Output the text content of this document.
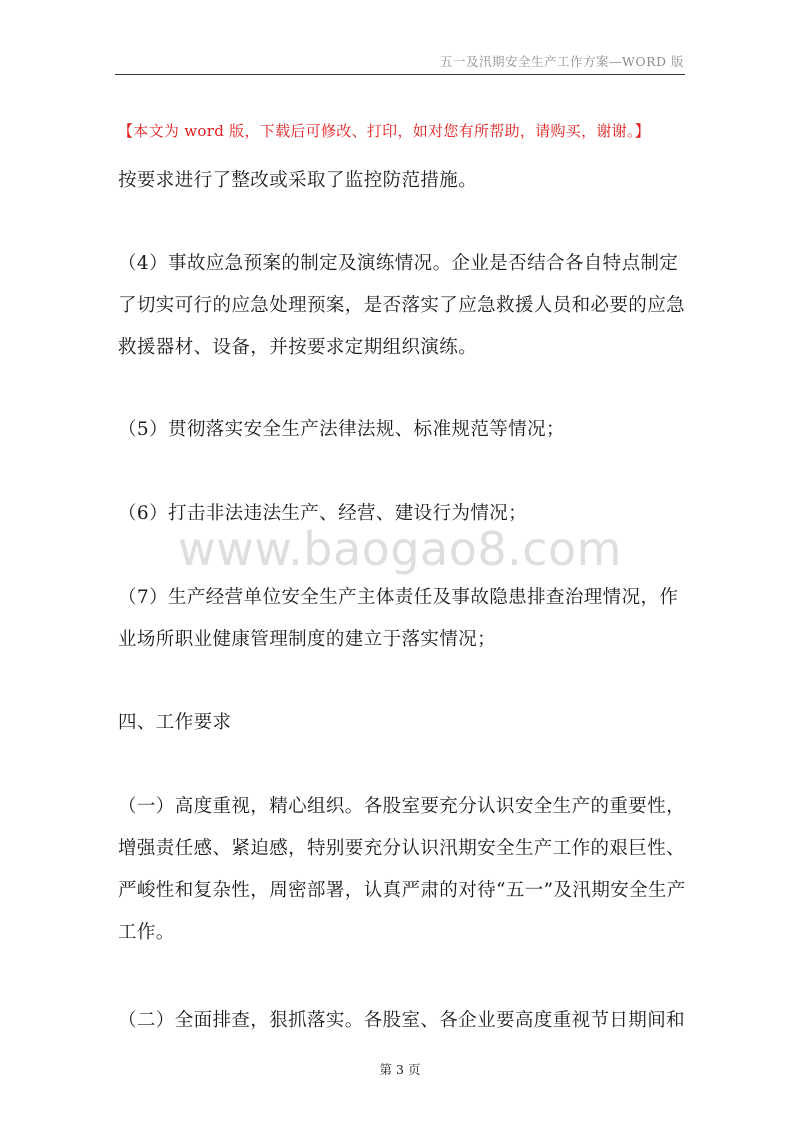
五一及汛期安全生产工作方案—WORD 版
【本文为 word 版，下载后可修改、打印，如对您有所帮助，请购买，谢谢。】
www.baogao8.com
按要求进行了整改或采取了监控防范措施。
（4）事故应急预案的制定及演练情况。企业是否结合各自特点制定
了切实可行的应急处理预案，是否落实了应急救援人员和必要的应急
救援器材、设备，并按要求定期组织演练。
（5）贯彻落实安全生产法律法规、标准规范等情况；
（6）打击非法违法生产、经营、建设行为情况；
（7）生产经营单位安全生产主体责任及事故隐患排查治理情况，作
业场所职业健康管理制度的建立于落实情况；
四、工作要求
（一）高度重视，精心组织。各股室要充分认识安全生产的重要性，
增强责任感、紧迫感，特别要充分认识汛期安全生产工作的艰巨性、
严峻性和复杂性，周密部署，认真严肃的对待“五一”及汛期安全生产
工作。
（二）全面排查，狠抓落实。各股室、各企业要高度重视节日期间和
第 3 页
